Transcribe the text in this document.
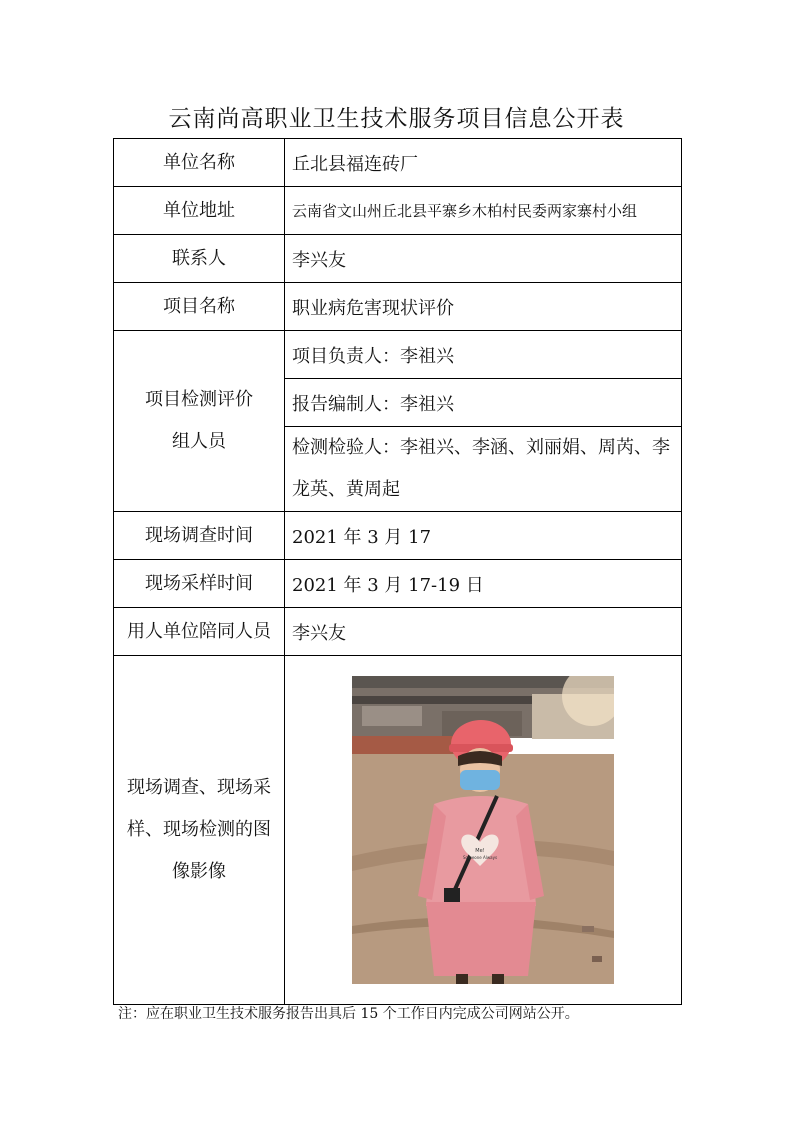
云南尚高职业卫生技术服务项目信息公开表
单位名称	丘北县福连砖厂
单位地址	云南省文山州丘北县平寨乡木柏村民委两家寨村小组
联系人	李兴友
项目名称	职业病危害现状评价

项目检测评价
组人员	项目负责人：李祖兴
	报告编制人：李祖兴

	检测检验人：李祖兴、李涵、刘丽娟、周芮、李龙英、黄周起

现场调查时间	2021 年 3 月 17
现场采样时间	2021 年 3 月 17-19 日
用人单位陪同人员	李兴友

现场调查、现场采样、现场检测的图像影像	Me!
Someone Always
注：应在职业卫生技术服务报告出具后 15 个工作日内完成公司网站公开。
